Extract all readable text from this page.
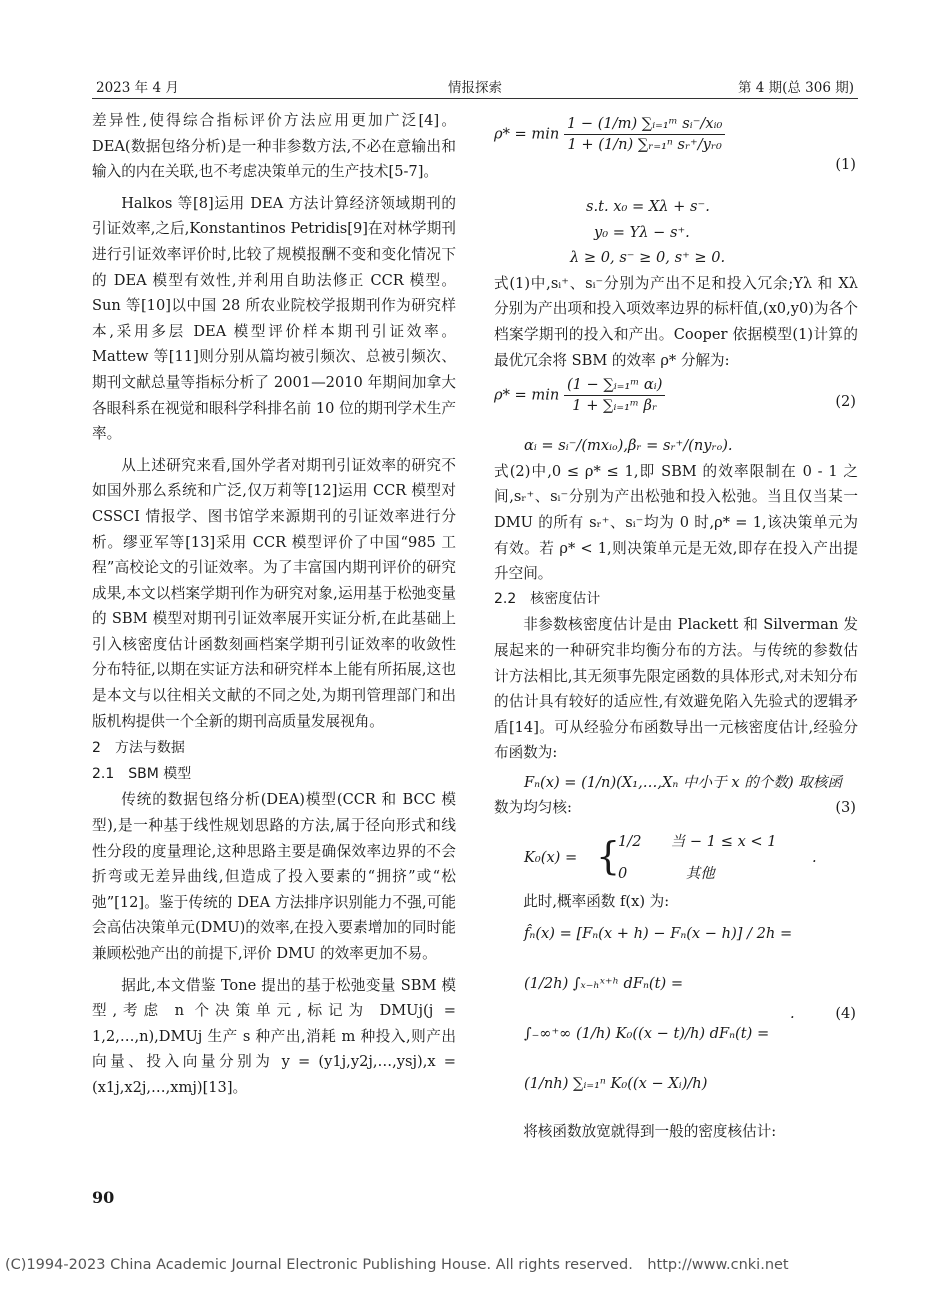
2023 年 4 月	情报探索	第 4 期(总 306 期)

差异性,使得综合指标评价方法应用更加广泛[4]。DEA(数据包络分析)是一种非参数方法,不必在意输出和输入的内在关联,也不考虑决策单元的生产技术[5-7]。

Halkos 等[8]运用 DEA 方法计算经济领域期刊的引证效率,之后,Konstantinos Petridis[9]在对林学期刊进行引证效率评价时,比较了规模报酬不变和变化情况下的 DEA 模型有效性,并利用自助法修正 CCR 模型。Sun 等[10]以中国 28 所农业院校学报期刊作为研究样本,采用多层 DEA 模型评价样本期刊引证效率。Mattew 等[11]则分别从篇均被引频次、总被引频次、期刊文献总量等指标分析了 2001—2010 年期间加拿大各眼科系在视觉和眼科学科排名前 10 位的期刊学术生产率。

从上述研究来看,国外学者对期刊引证效率的研究不如国外那么系统和广泛,仅万莉等[12]运用 CCR 模型对 CSSCI 情报学、图书馆学来源期刊的引证效率进行分析。缪亚军等[13]采用 CCR 模型评价了中国“985 工程”高校论文的引证效率。为了丰富国内期刊评价的研究成果,本文以档案学期刊作为研究对象,运用基于松弛变量的 SBM 模型对期刊引证效率展开实证分析,在此基础上引入核密度估计函数刻画档案学期刊引证效率的收敛性分布特征,以期在实证方法和研究样本上能有所拓展,这也是本文与以往相关文献的不同之处,为期刊管理部门和出版机构提供一个全新的期刊高质量发展视角。

2　方法与数据

2.1　SBM 模型

传统的数据包络分析(DEA)模型(CCR 和 BCC 模型),是一种基于线性规划思路的方法,属于径向形式和线性分段的度量理论,这种思路主要是确保效率边界的不会折弯或无差异曲线,但造成了投入要素的“拥挤”或“松弛”[12]。鉴于传统的 DEA 方法排序识别能力不强,可能会高估决策单元(DMU)的效率,在投入要素增加的同时能兼顾松弛产出的前提下,评价 DMU 的效率更加不易。

据此,本文借鉴 Tone 提出的基于松弛变量 SBM 模型,考虑 n 个决策单元,标记为 DMUj(j = 1,2,…,n),DMUj 生产 s 种产出,消耗 m 种投入,则产出向量、投入向量分别为 y = (y1j,y2j,…,ysj),x = (x1j,x2j,…,xmj)[13]。

$\rho* = \min \frac{\text{1 − (1/m) ∑ᵢ₌₁ᵐ sᵢ⁻/xᵢ₀}}{\text{1 + (1/n) ∑ᵣ₌₁ⁿ sᵣ⁺/yᵣ₀}}$
(1)
s.t. x₀ = Xλ + s⁻.
y₀ = Yλ − s⁺.
λ ≥ 0, s⁻ ≥ 0, s⁺ ≥ 0.

式(1)中,sᵢ⁺、sᵢ⁻分别为产出不足和投入冗余;Yλ 和 Xλ 分别为产出项和投入项效率边界的标杆值,(x0,y0)为各个档案学期刊的投入和产出。Cooper 依据模型(1)计算的最优冗余将 SBM 的效率 ρ* 分解为:

$\rho* = \min \frac{\text{(1 − ∑ᵢ₌₁ᵐ αᵢ)}}{\text{1 + ∑ᵢ₌₁ᵐ βᵣ}}$	(2)
αᵢ = sᵢ⁻/(mxᵢₒ),βᵣ = sᵣ⁺/(nyᵣₒ).

式(2)中,0 ≤ ρ* ≤ 1,即 SBM 的效率限制在 0 - 1 之间,sᵣ⁺、sᵢ⁻分别为产出松弛和投入松弛。当且仅当某一 DMU 的所有 sᵣ⁺、sᵢ⁻均为 0 时,ρ* = 1,该决策单元为有效。若 ρ* < 1,则决策单元是无效,即存在投入产出提升空间。

2.2　核密度估计

非参数核密度估计是由 Plackett 和 Silverman 发展起来的一种研究非均衡分布的方法。与传统的参数估计方法相比,其无须事先限定函数的具体形式,对未知分布的估计具有较好的适应性,有效避免陷入先验式的逻辑矛盾[14]。可从经验分布函数导出一元核密度估计,经验分布函数为:

Fₙ(x) = (1/n)(X₁,…,Xₙ 中小于 x 的个数) 取核函
数为均匀核:	(3)
K₀(x) = {
1/2　　当 − 1 ≤ x < 1
0　　　　其他
.

此时,概率函数 f(x) 为:

f̂ₙ(x) = [Fₙ(x + h) − Fₙ(x − h)] / 2h =
(1/2h) ∫ₓ₋ₕˣ⁺ʰ dFₙ(t) =
∫₋∞⁺∞ (1/h) K₀((x − t)/h) dFₙ(t) =
(1/nh) ∑ᵢ₌₁ⁿ K₀((x − Xᵢ)/h)
.	(4)

将核函数放宽就得到一般的密度核估计:

90
(C)1994-2023 China Academic Journal Electronic Publishing House. All rights reserved.　http://www.cnki.net
